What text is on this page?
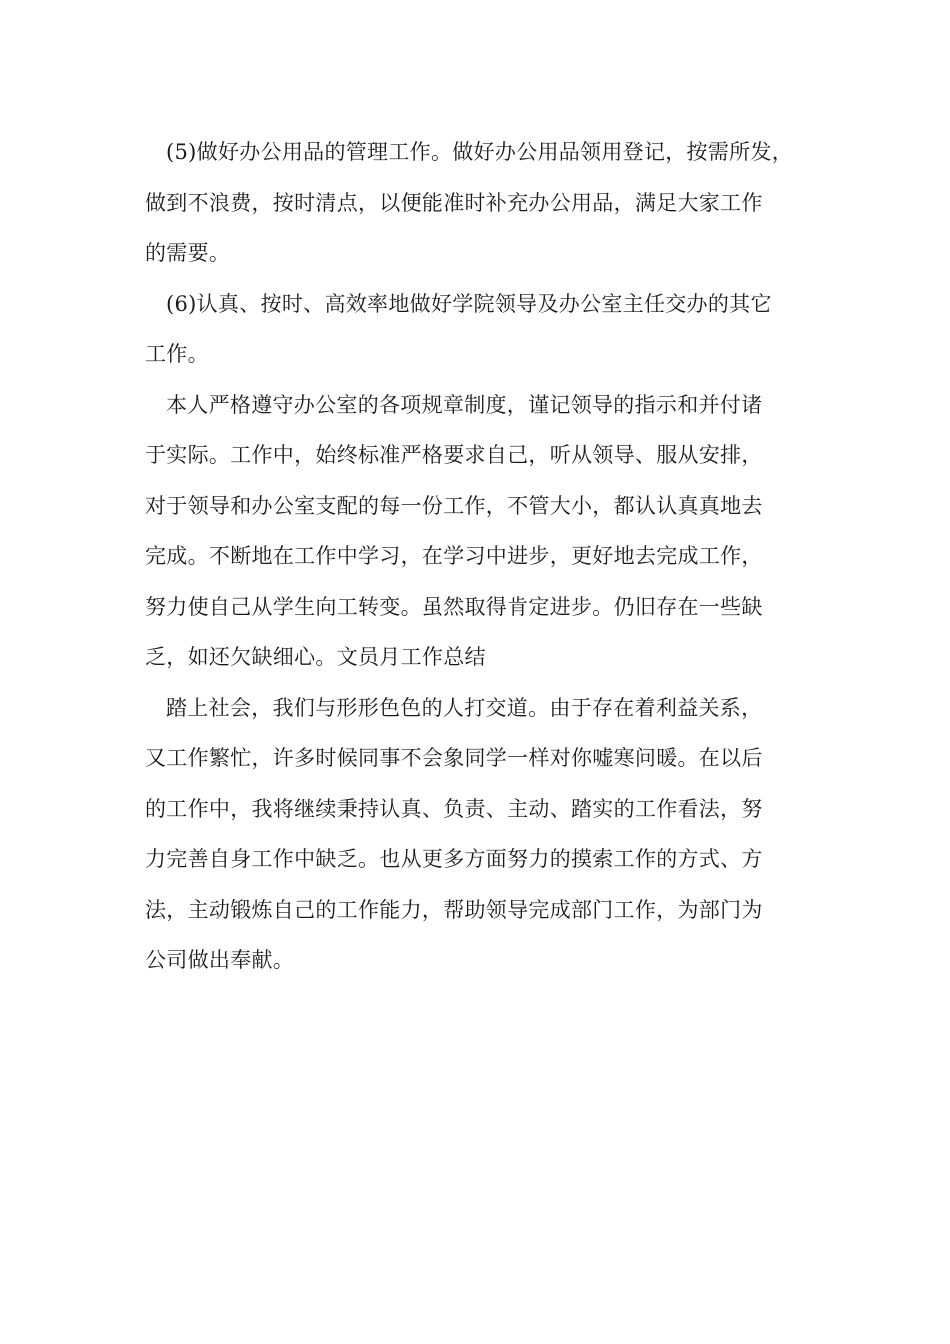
(5)做好办公用品的管理工作。做好办公用品领用登记，按需所发，
做到不浪费，按时清点，以便能准时补充办公用品，满足大家工作
的需要。

(6)认真、按时、高效率地做好学院领导及办公室主任交办的其它
工作。

本人严格遵守办公室的各项规章制度，谨记领导的指示和并付诸
于实际。工作中，始终标准严格要求自己，听从领导、服从安排，
对于领导和办公室支配的每一份工作，不管大小，都认认真真地去
完成。不断地在工作中学习，在学习中进步，更好地去完成工作，
努力使自己从学生向工转变。虽然取得肯定进步。仍旧存在一些缺
乏，如还欠缺细心。文员月工作总结

踏上社会，我们与形形色色的人打交道。由于存在着利益关系，
又工作繁忙，许多时候同事不会象同学一样对你嘘寒问暖。在以后
的工作中，我将继续秉持认真、负责、主动、踏实的工作看法，努
力完善自身工作中缺乏。也从更多方面努力的摸索工作的方式、方
法，主动锻炼自己的工作能力，帮助领导完成部门工作，为部门为
公司做出奉献。
